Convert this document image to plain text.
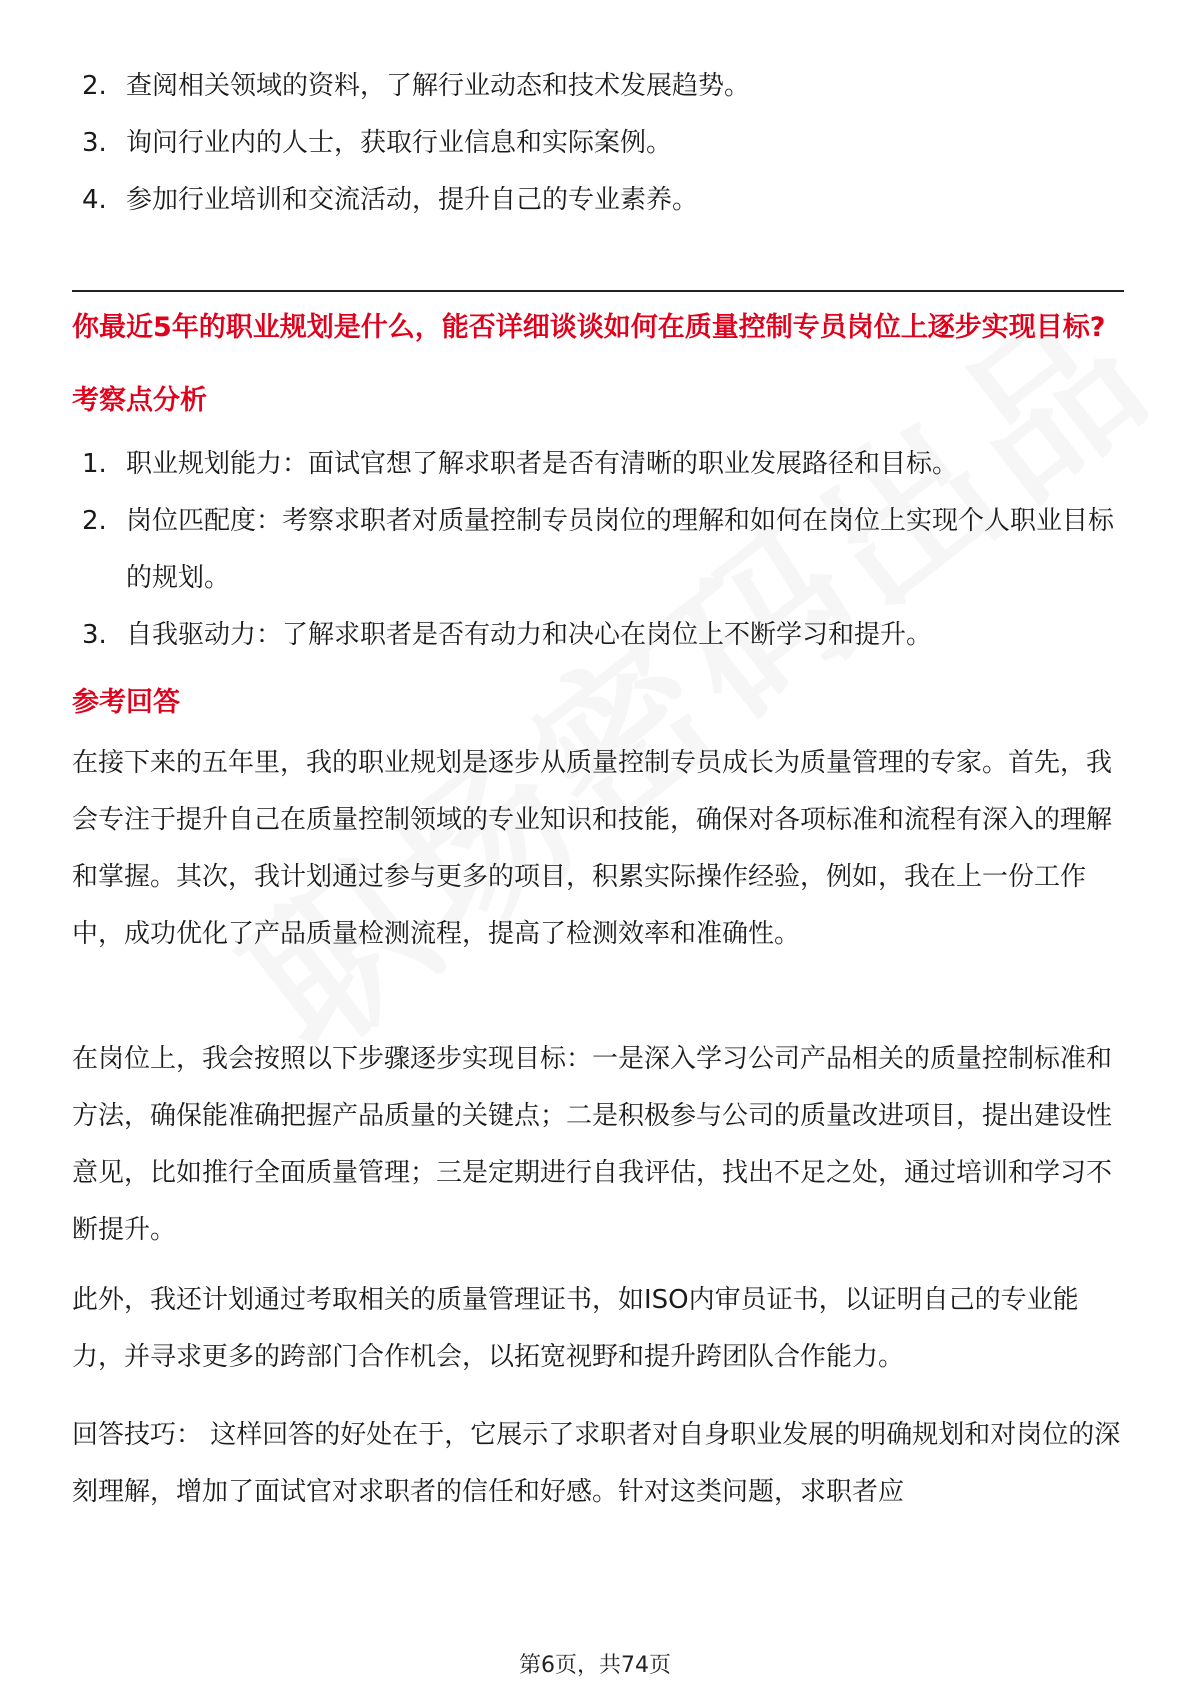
2. 查阅相关领域的资料，了解行业动态和技术发展趋势。
3. 询问行业内的人士，获取行业信息和实际案例。
4. 参加行业培训和交流活动，提升自己的专业素养。
你最近5年的职业规划是什么，能否详细谈谈如何在质量控制专员岗位上逐步实现目标?
考察点分析
1. 职业规划能力：面试官想了解求职者是否有清晰的职业发展路径和目标。
2. 岗位匹配度：考察求职者对质量控制专员岗位的理解和如何在岗位上实现个人职业目标的规划。
3. 自我驱动力：了解求职者是否有动力和决心在岗位上不断学习和提升。
参考回答

在接下来的五年里，我的职业规划是逐步从质量控制专员成长为质量管理的专家。首先，我会专注于提升自己在质量控制领域的专业知识和技能，确保对各项标准和流程有深入的理解和掌握。其次，我计划通过参与更多的项目，积累实际操作经验，例如，我在上一份工作中，成功优化了产品质量检测流程，提高了检测效率和准确性。

在岗位上，我会按照以下步骤逐步实现目标：一是深入学习公司产品相关的质量控制标准和方法，确保能准确把握产品质量的关键点；二是积极参与公司的质量改进项目，提出建设性意见，比如推行全面质量管理；三是定期进行自我评估，找出不足之处，通过培训和学习不断提升。

此外，我还计划通过考取相关的质量管理证书，如ISO内审员证书，以证明自己的专业能力，并寻求更多的跨部门合作机会，以拓宽视野和提升跨团队合作能力。

回答技巧： 这样回答的好处在于，它展示了求职者对自身职业发展的明确规划和对岗位的深刻理解，增加了面试官对求职者的信任和好感。针对这类问题，求职者应

第6页，共74页
